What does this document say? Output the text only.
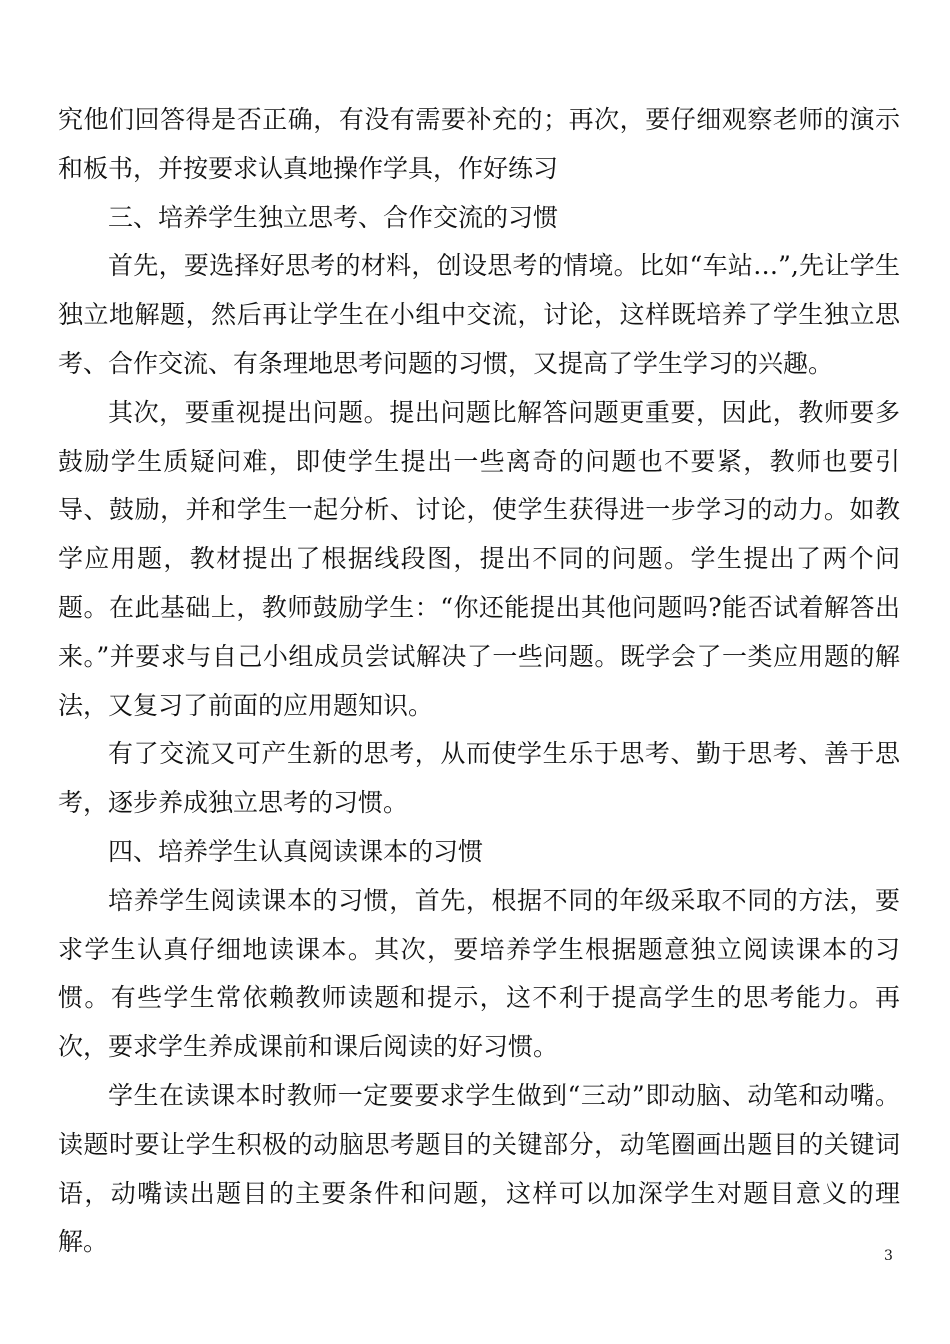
究他们回答得是否正确，有没有需要补充的；再次，要仔细观察老师的演示和板书，并按要求认真地操作学具，作好练习

三、培养学生独立思考、合作交流的习惯

首先，要选择好思考的材料，创设思考的情境。比如“车站…”,先让学生独立地解题，然后再让学生在小组中交流，讨论，这样既培养了学生独立思考、合作交流、有条理地思考问题的习惯，又提高了学生学习的兴趣。

其次，要重视提出问题。提出问题比解答问题更重要，因此，教师要多鼓励学生质疑问难，即使学生提出一些离奇的问题也不要紧，教师也要引导、鼓励，并和学生一起分析、讨论，使学生获得进一步学习的动力。如教学应用题，教材提出了根据线段图，提出不同的问题。学生提出了两个问题。在此基础上，教师鼓励学生：“你还能提出其他问题吗?能否试着解答出来。”并要求与自己小组成员尝试解决了一些问题。既学会了一类应用题的解法，又复习了前面的应用题知识。

有了交流又可产生新的思考，从而使学生乐于思考、勤于思考、善于思考，逐步养成独立思考的习惯。

四、培养学生认真阅读课本的习惯

培养学生阅读课本的习惯，首先，根据不同的年级采取不同的方法，要求学生认真仔细地读课本。其次，要培养学生根据题意独立阅读课本的习惯。有些学生常依赖教师读题和提示，这不利于提高学生的思考能力。再次，要求学生养成课前和课后阅读的好习惯。

学生在读课本时教师一定要要求学生做到“三动”即动脑、动笔和动嘴。读题时要让学生积极的动脑思考题目的关键部分，动笔圈画出题目的关键词语，动嘴读出题目的主要条件和问题，这样可以加深学生对题目意义的理解。	3
